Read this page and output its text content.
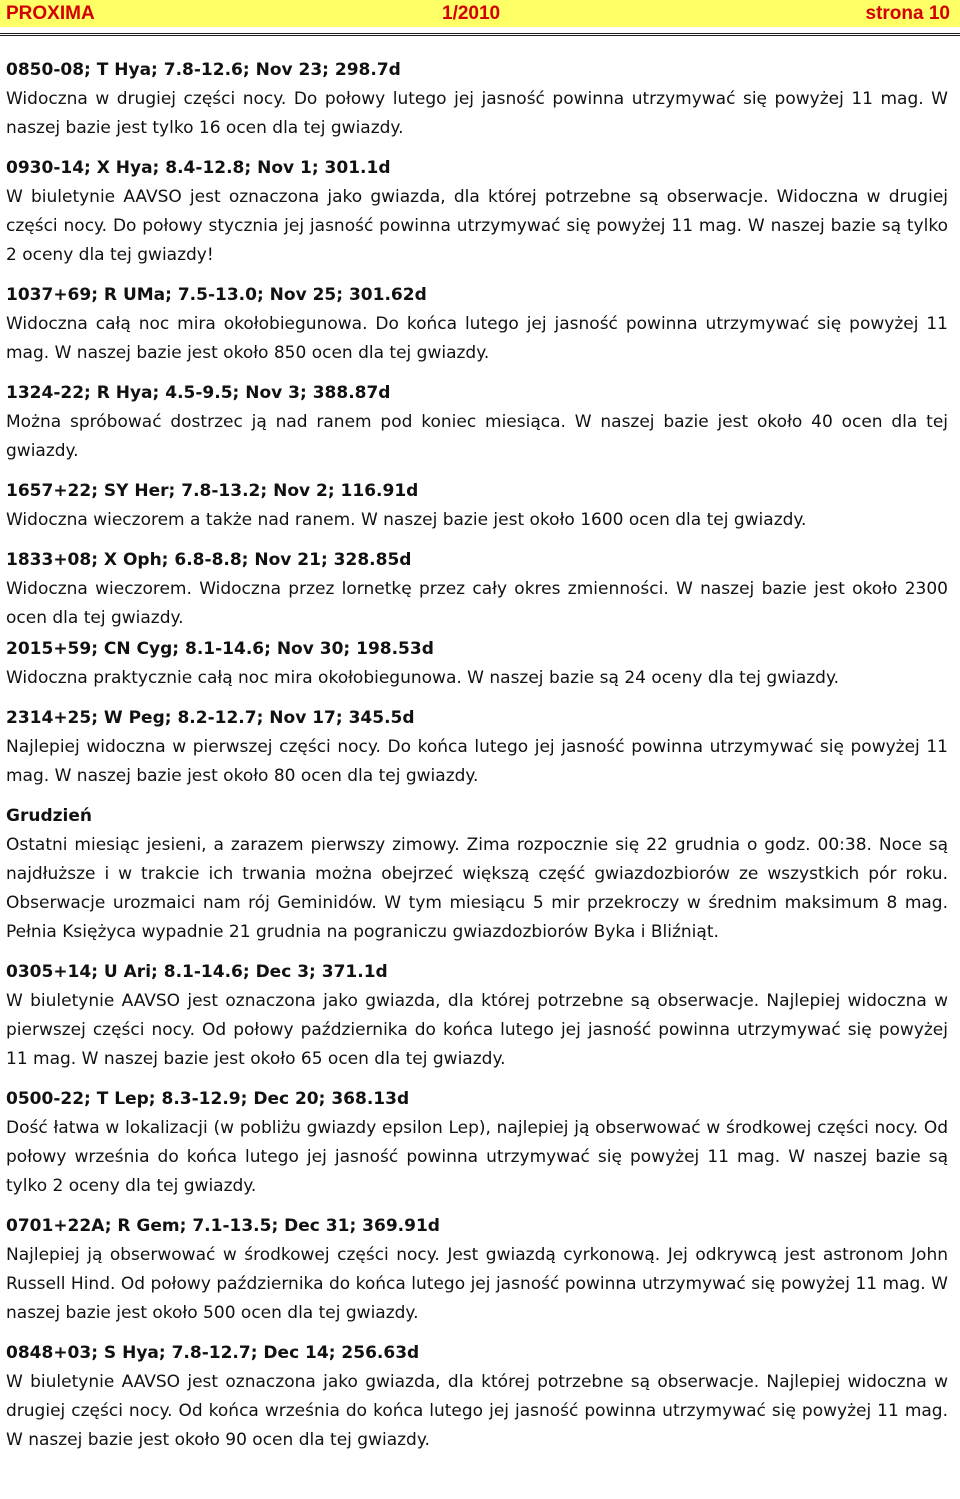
PROXIMA	1/2010	strona 10
0850-08; T Hya; 7.8-12.6; Nov 23; 298.7d
Widoczna w drugiej części nocy. Do połowy lutego jej jasność powinna utrzymywać się powyżej 11 mag. W naszej bazie jest tylko 16 ocen dla tej gwiazdy.
0930-14; X Hya; 8.4-12.8; Nov 1; 301.1d
W biuletynie AAVSO jest oznaczona jako gwiazda, dla której potrzebne są obserwacje. Widoczna w drugiej części nocy. Do połowy stycznia jej jasność powinna utrzymywać się powyżej 11 mag. W naszej bazie są tylko 2 oceny dla tej gwiazdy!
1037+69; R UMa; 7.5-13.0; Nov 25; 301.62d
Widoczna całą noc mira okołobiegunowa. Do końca lutego jej jasność powinna utrzymywać się powyżej 11 mag. W naszej bazie jest około 850 ocen dla tej gwiazdy.
1324-22; R Hya; 4.5-9.5; Nov 3; 388.87d
Można spróbować dostrzec ją nad ranem pod koniec miesiąca. W naszej bazie jest około 40 ocen dla tej gwiazdy.
1657+22; SY Her; 7.8-13.2; Nov 2; 116.91d
Widoczna wieczorem a także nad ranem. W naszej bazie jest około 1600 ocen dla tej gwiazdy.
1833+08; X Oph; 6.8-8.8; Nov 21; 328.85d
Widoczna wieczorem. Widoczna przez lornetkę przez cały okres zmienności. W naszej bazie jest około 2300 ocen dla tej gwiazdy.
2015+59; CN Cyg; 8.1-14.6; Nov 30; 198.53d
Widoczna praktycznie całą noc mira okołobiegunowa. W naszej bazie są 24 oceny dla tej gwiazdy.
2314+25; W Peg; 8.2-12.7; Nov 17; 345.5d
Najlepiej widoczna w pierwszej części nocy. Do końca lutego jej jasność powinna utrzymywać się powyżej 11 mag. W naszej bazie jest około 80 ocen dla tej gwiazdy.
Grudzień
Ostatni miesiąc jesieni, a zarazem pierwszy zimowy. Zima rozpocznie się 22 grudnia o godz. 00:38. Noce są najdłuższe i w trakcie ich trwania można obejrzeć większą część gwiazdozbiorów ze wszystkich pór roku. Obserwacje urozmaici nam rój Geminidów. W tym miesiącu 5 mir przekroczy w średnim maksimum 8 mag. Pełnia Księżyca wypadnie 21 grudnia na pograniczu gwiazdozbiorów Byka i Bliźniąt.
0305+14; U Ari; 8.1-14.6; Dec 3; 371.1d
W biuletynie AAVSO jest oznaczona jako gwiazda, dla której potrzebne są obserwacje. Najlepiej widoczna w pierwszej części nocy. Od połowy października do końca lutego jej jasność powinna utrzymywać się powyżej 11 mag. W naszej bazie jest około 65 ocen dla tej gwiazdy.
0500-22; T Lep; 8.3-12.9; Dec 20; 368.13d
Dość łatwa w lokalizacji (w pobliżu gwiazdy epsilon Lep), najlepiej ją obserwować w środkowej części nocy. Od połowy września do końca lutego jej jasność powinna utrzymywać się powyżej 11 mag. W naszej bazie są tylko 2 oceny dla tej gwiazdy.
0701+22A; R Gem; 7.1-13.5; Dec 31; 369.91d
Najlepiej ją obserwować w środkowej części nocy. Jest gwiazdą cyrkonową. Jej odkrywcą jest astronom John Russell Hind. Od połowy października do końca lutego jej jasność powinna utrzymywać się powyżej 11 mag. W naszej bazie jest około 500 ocen dla tej gwiazdy.
0848+03; S Hya; 7.8-12.7; Dec 14; 256.63d
W biuletynie AAVSO jest oznaczona jako gwiazda, dla której potrzebne są obserwacje. Najlepiej widoczna w drugiej części nocy. Od końca września do końca lutego jej jasność powinna utrzymywać się powyżej 11 mag. W naszej bazie jest około 90 ocen dla tej gwiazdy.
